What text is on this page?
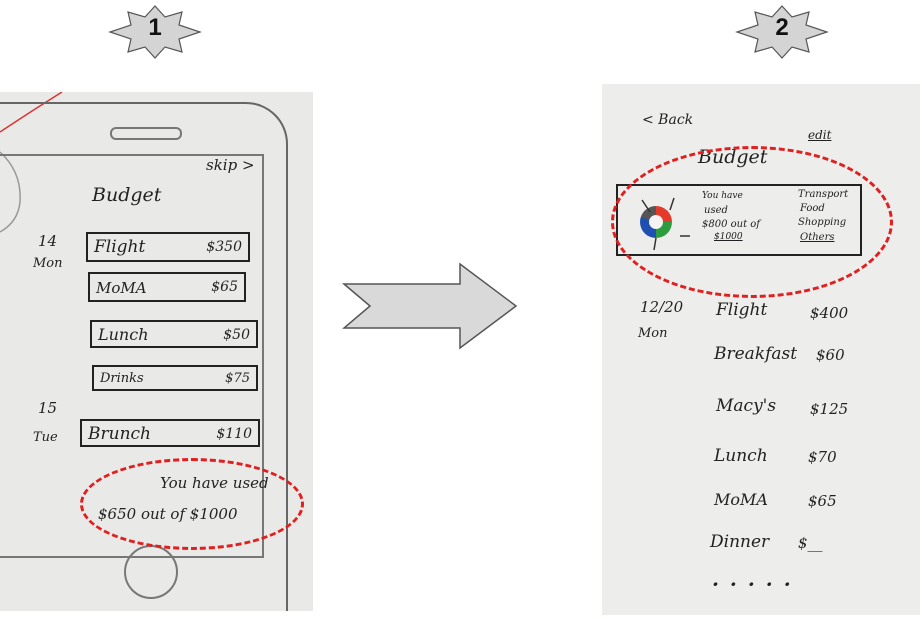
1	2
skip >
Budget
14
Mon
15
Tue
Flight	$350
MoMA	$65
Lunch	$50
Drinks	$75
Brunch	$110
You have used
$650 out of $1000
< Back
edit
Budget
You have
used
$800 out of
$1000
Transport
Food
Shopping
Others
12/20
Mon
Flight	$400
Breakfast $60
Macy's $125
Lunch	$70
MoMA	$65
Dinner $__
· · · · ·
